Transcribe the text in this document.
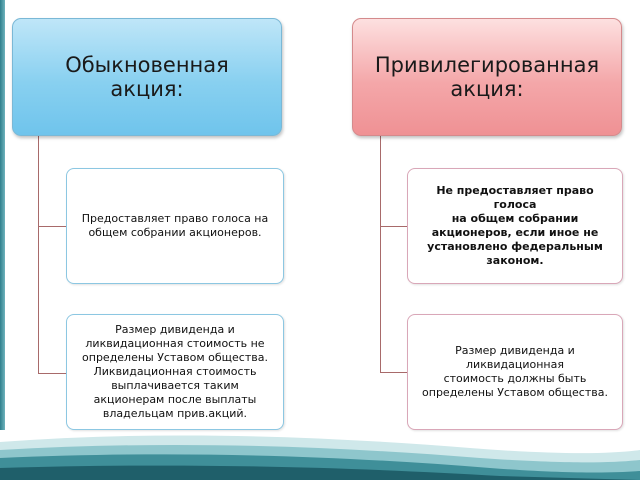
Обыкновенная
акция:
Привилегированная
акция:
Предоставляет право голоса на
общем собрании акционеров.
Размер дивиденда и
ликвидационная стоимость не
определены Уставом общества.
Ликвидационная стоимость
выплачивается таким
акционерам после выплаты
владельцам прив.акций.
Не предоставляет право голоса
на общем собрании
акционеров, если иное не
установлено федеральным
законом.
Размер дивиденда и
ликвидационная
стоимость должны быть
определены Уставом общества.
